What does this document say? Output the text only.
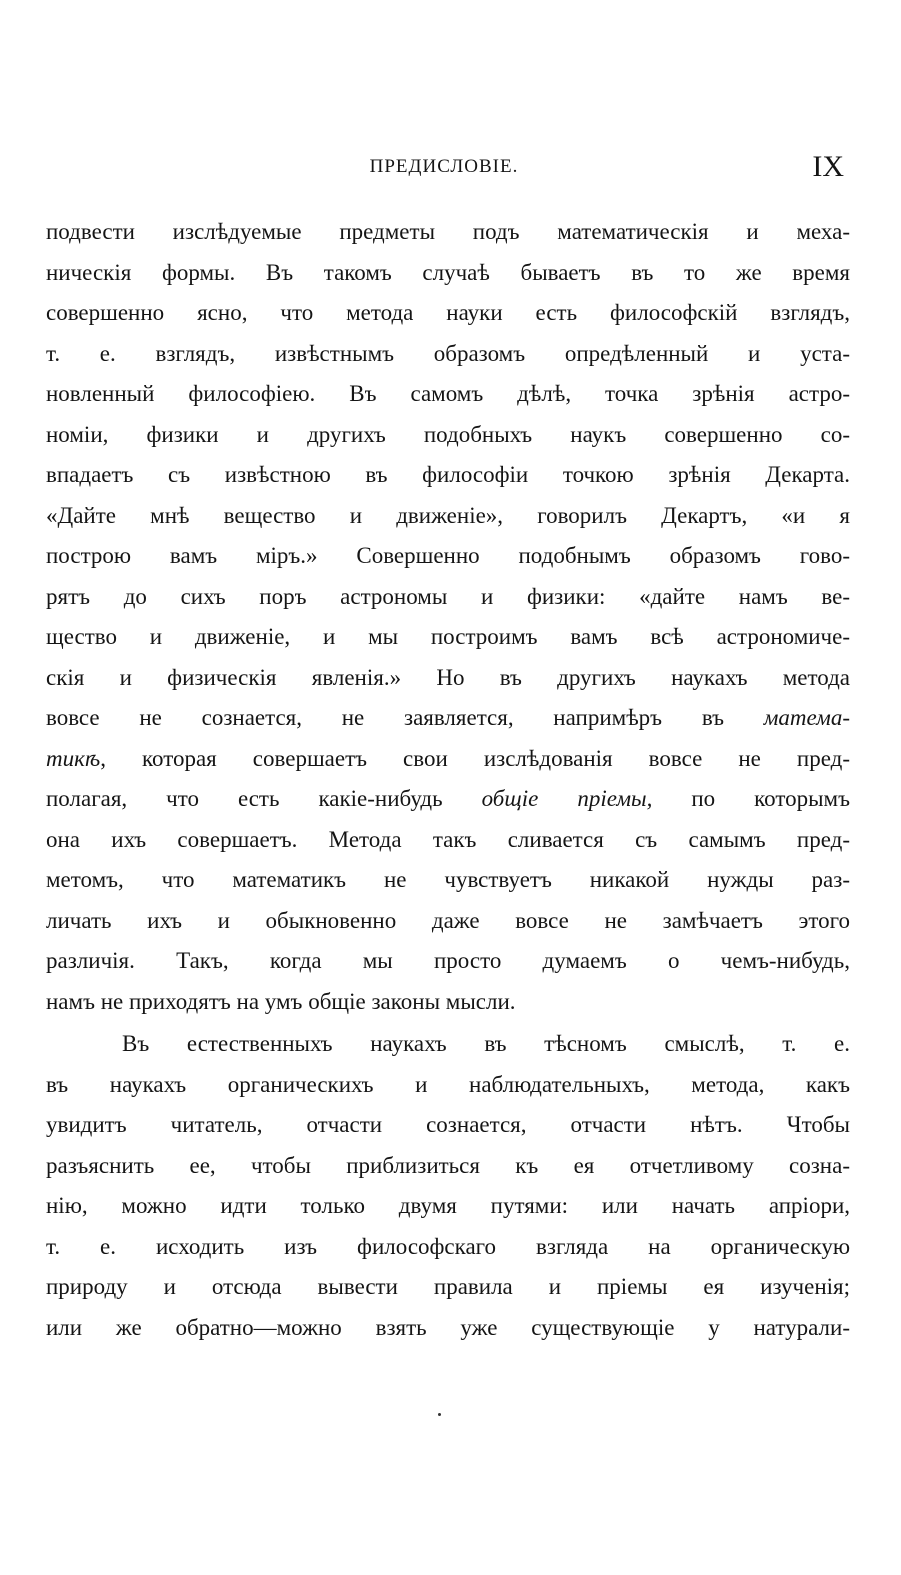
ПРЕДИСЛОВІЕ.	IX
подвести изслѣдуемые предметы подъ математическія и меха-
ническія формы. Въ такомъ случаѣ бываетъ въ то же время
совершенно ясно, что метода науки есть философскій взглядъ,
т. е. взглядъ, извѣстнымъ образомъ опредѣленный и уста-
новленный философіею. Въ самомъ дѣлѣ, точка зрѣнія астро-
номіи, физики и другихъ подобныхъ наукъ совершенно со-
впадаетъ съ извѣстною въ философіи точкою зрѣнія Декарта.
«Дайте мнѣ вещество и движеніе», говорилъ Декартъ, «и я
построю вамъ міръ.» Совершенно подобнымъ образомъ гово-
рятъ до сихъ поръ астрономы и физики: «дайте намъ ве-
щество и движеніе, и мы построимъ вамъ всѣ астрономиче-
скія и физическія явленія.» Но въ другихъ наукахъ метода
вовсе не сознается, не заявляется, напримѣръ въ матема-
тикѣ, которая совершаетъ свои изслѣдованія вовсе не пред-
полагая, что есть какіе-нибудь общіе пріемы, по которымъ
она ихъ совершаетъ. Метода такъ сливается съ самымъ пред-
метомъ, что математикъ не чувствуетъ никакой нужды раз-
личать ихъ и обыкновенно даже вовсе не замѣчаетъ этого
различія. Такъ, когда мы просто думаемъ о чемъ-нибудь,
намъ не приходятъ на умъ общіе законы мысли.
Въ естественныхъ наукахъ въ тѣсномъ смыслѣ, т. е.
въ наукахъ органическихъ и наблюдательныхъ, метода, какъ
увидитъ читатель, отчасти сознается, отчасти нѣтъ. Чтобы
разъяснить ее, чтобы приблизиться къ ея отчетливому созна-
нію, можно идти только двумя путями: или начать апріори,
т. е. исходить изъ философскаго взгляда на органическую
природу и отсюда вывести правила и пріемы ея изученія;
или же обратно—можно взять уже существующіе у натурали-
